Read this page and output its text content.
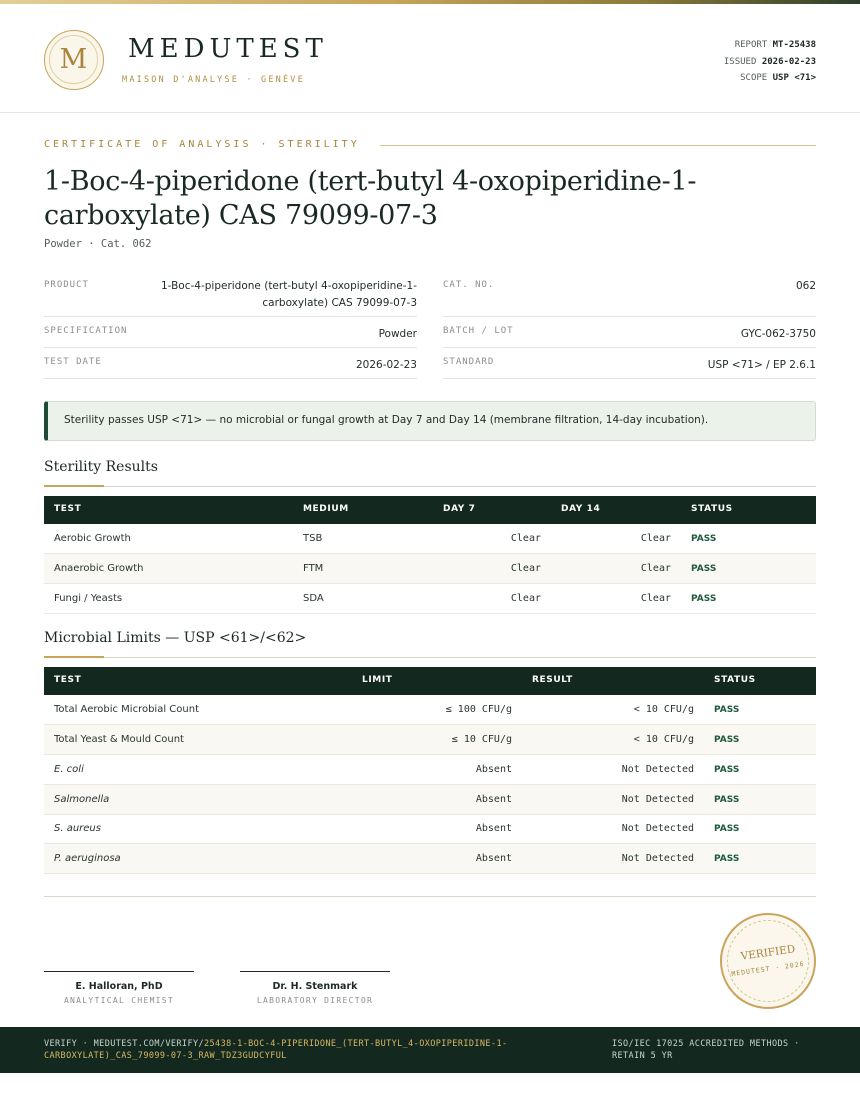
M	MEDUTEST
MAISON D'ANALYSE · GENÈVE
REPORT MT-25438
ISSUED 2026-02-23
SCOPE USP <71>
CERTIFICATE OF ANALYSIS · STERILITY
1-Boc-4-piperidone (tert-butyl 4-oxopiperidine-1-carboxylate) CAS 79099-07-3
Powder · Cat. 062
PRODUCT	1-Boc-4-piperidone (tert-butyl 4-oxopiperidine-1-carboxylate) CAS 79099-07-3
SPECIFICATION	Powder
TEST DATE	2026-02-23
CAT. NO.	062
BATCH / LOT	GYC-062-3750
STANDARD	USP <71> / EP 2.6.1
Sterility passes USP <71> — no microbial or fungal growth at Day 7 and Day 14 (membrane filtration, 14-day incubation).
Sterility Results
TEST	MEDIUM	DAY 7	DAY 14	STATUS
Aerobic Growth	TSB	Clear	Clear PASS
Anaerobic Growth	FTM	Clear	Clear PASS
Fungi / Yeasts	SDA	Clear	Clear PASS
Microbial Limits — USP <61>/<62>
TEST	LIMIT	RESULT	STATUS
Total Aerobic Microbial Count	≤ 100 CFU/g	< 10 CFU/g PASS
Total Yeast & Mould Count	≤ 10 CFU/g	< 10 CFU/g PASS
E. coli	Absent	Not Detected PASS
Salmonella	Absent	Not Detected PASS
S. aureus	Absent	Not Detected PASS
P. aeruginosa	Absent	Not Detected PASS
E. Halloran, PhD
ANALYTICAL CHEMIST
Dr. H. Stenmark
LABORATORY DIRECTOR
VERIFIED
MEDUTEST · 2026
VERIFY · MEDUTEST.COM/VERIFY/25438-1-BOC-4-PIPERIDONE_(TERT-BUTYL_4-OXOPIPERIDINE-1-CARBOXYLATE)_CAS_79099-07-3_RAW_TDZ3GUDCYFUL
ISO/IEC 17025 ACCREDITED METHODS · RETAIN 5 YR
